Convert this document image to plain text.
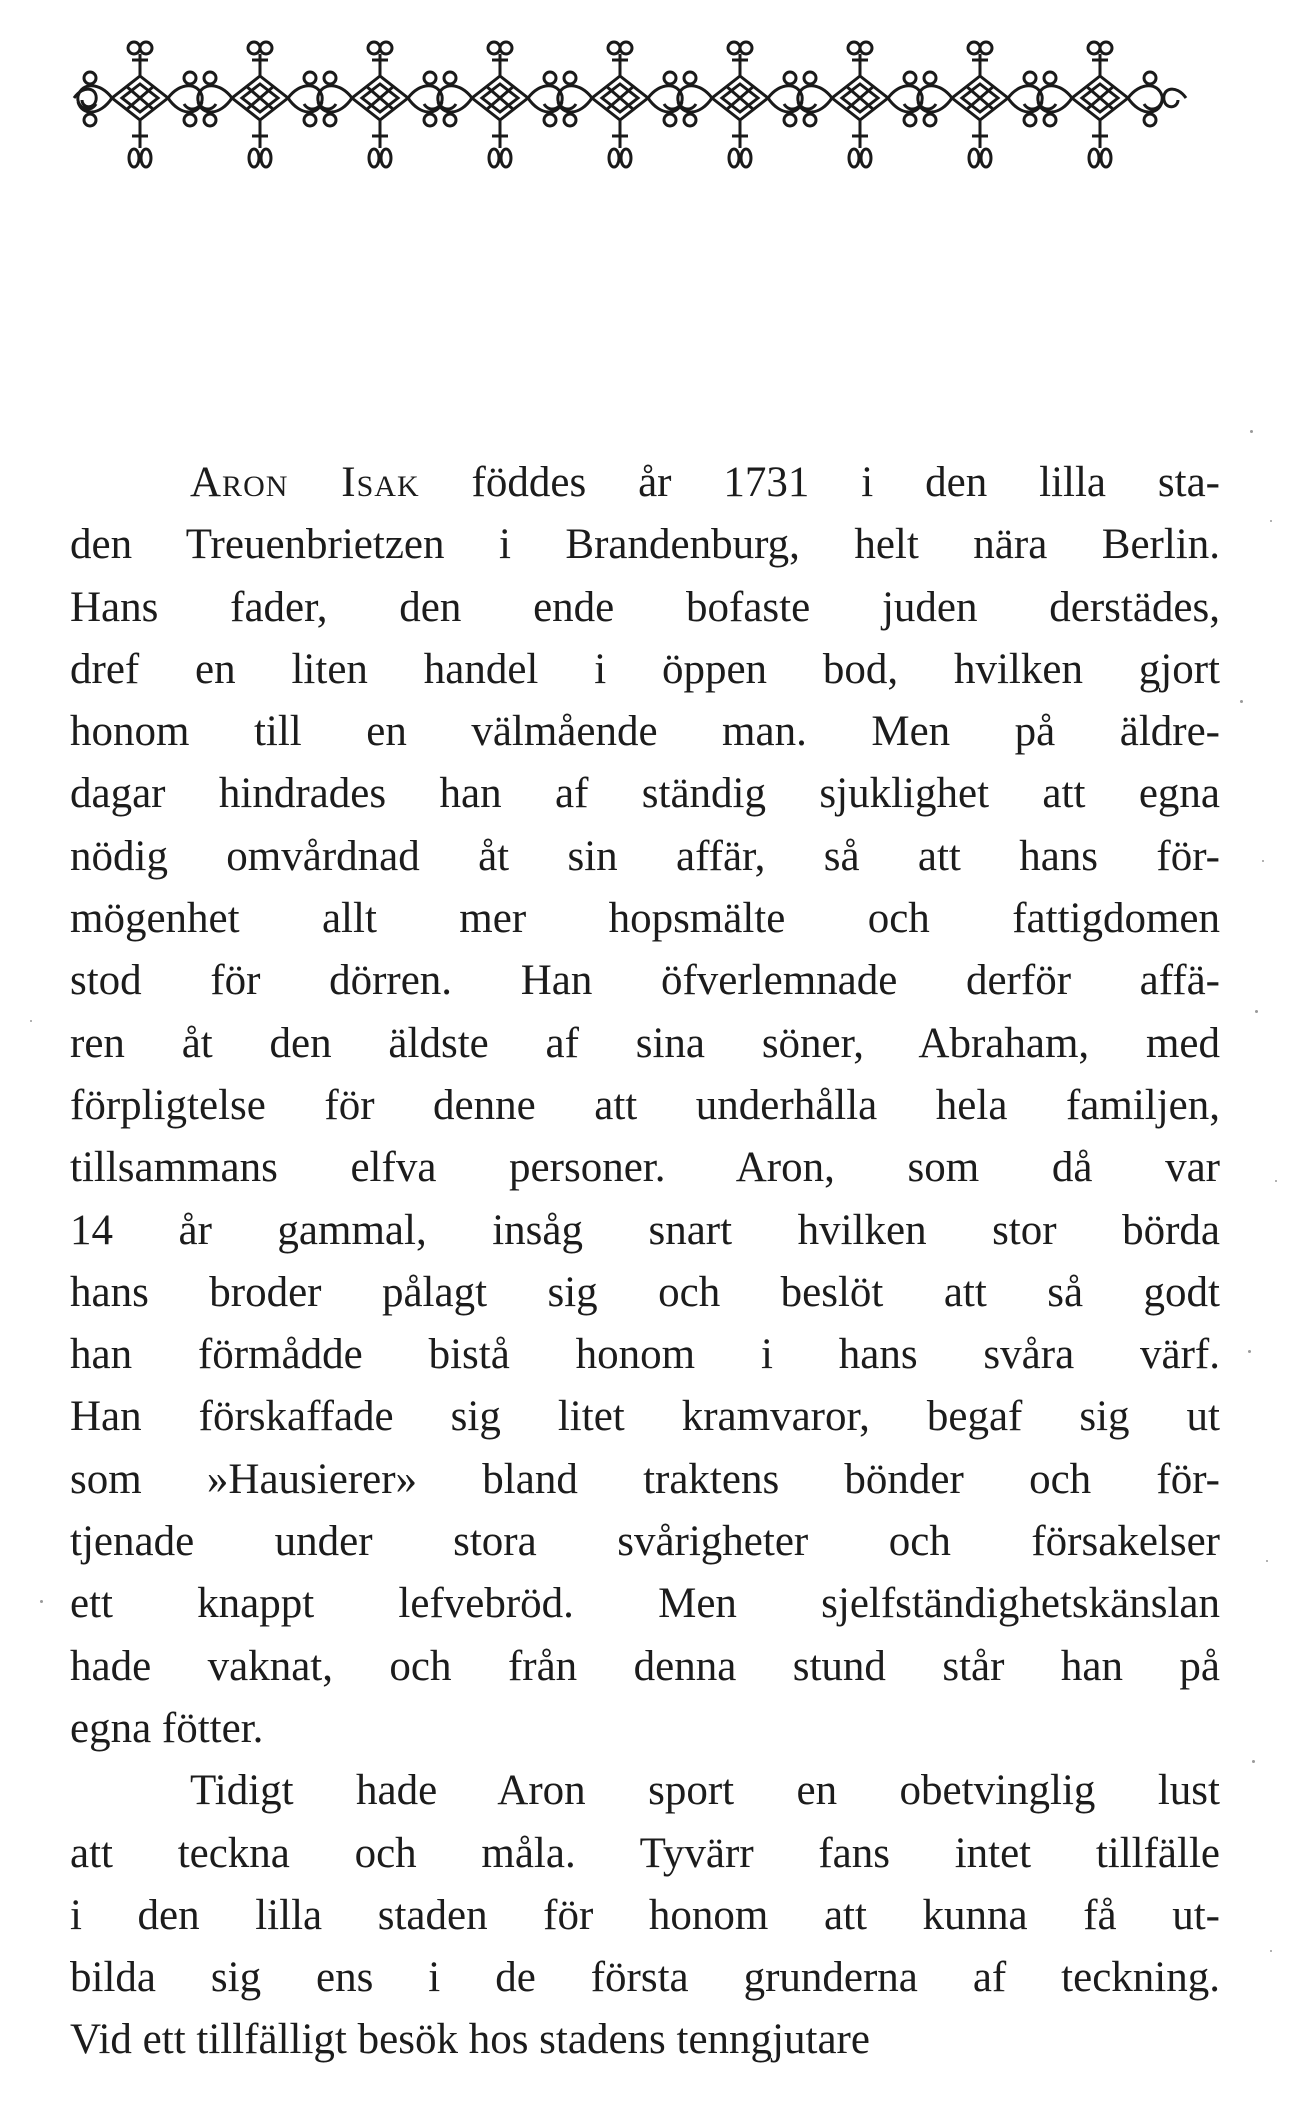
Aron Isak föddes år 1731 i den lilla sta-
den Treuenbrietzen i Brandenburg, helt nära Berlin.
Hans fader, den ende bofaste juden derstädes,
dref en liten handel i öppen bod, hvilken gjort
honom till en välmående man. Men på äldre-
dagar hindrades han af ständig sjuklighet att egna
nödig omvårdnad åt sin affär, så att hans för-
mögenhet allt mer hopsmälte och fattigdomen
stod för dörren. Han öfverlemnade derför affä-
ren åt den äldste af sina söner, Abraham, med
förpligtelse för denne att underhålla hela familjen,
tillsammans elfva personer. Aron, som då var
14 år gammal, insåg snart hvilken stor börda
hans broder pålagt sig och beslöt att så godt
han förmådde bistå honom i hans svåra värf.
Han förskaffade sig litet kramvaror, begaf sig ut
som »Hausierer» bland traktens bönder och för-
tjenade under stora svårigheter och försakelser
ett knappt lefvebröd. Men sjelfständighetskänslan
hade vaknat, och från denna stund står han på
egna fötter.
Tidigt hade Aron sport en obetvinglig lust
att teckna och måla. Tyvärr fans intet tillfälle
i den lilla staden för honom att kunna få ut-
bilda sig ens i de första grunderna af teckning.
Vid ett tillfälligt besök hos stadens tenngjutare
